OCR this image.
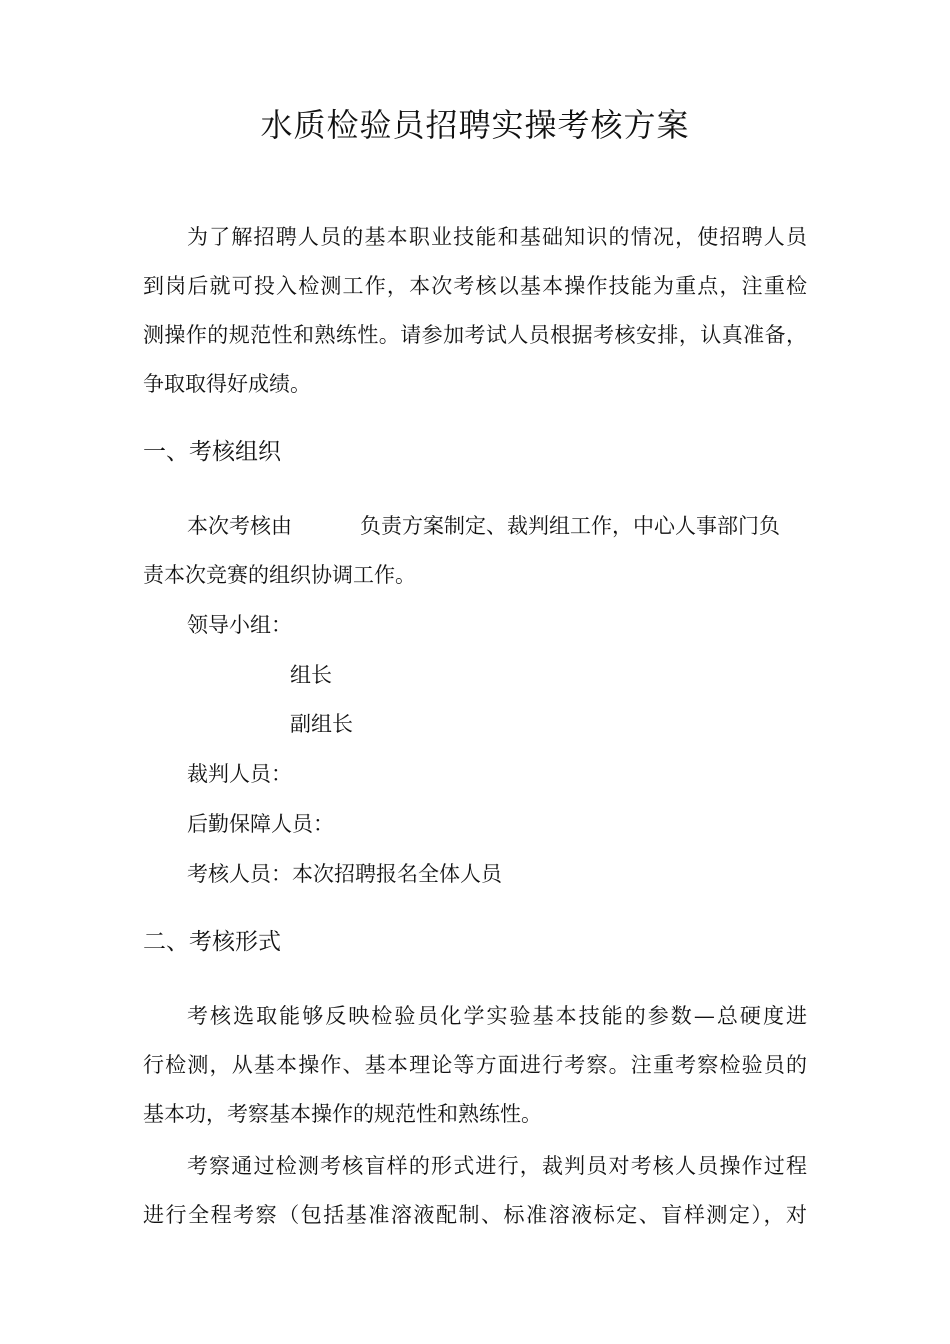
水质检验员招聘实操考核方案
为了解招聘人员的基本职业技能和基础知识的情况，使招聘人员
到岗后就可投入检测工作，本次考核以基本操作技能为重点，注重检
测操作的规范性和熟练性。请参加考试人员根据考核安排，认真准备，
争取取得好成绩。
一、考核组织
本次考核由	负责方案制定、裁判组工作，中心人事部门负
责本次竞赛的组织协调工作。
领导小组：
组长
副组长
裁判人员：
后勤保障人员：
考核人员：本次招聘报名全体人员
二、考核形式
考核选取能够反映检验员化学实验基本技能的参数—总硬度进
行检测，从基本操作、基本理论等方面进行考察。注重考察检验员的
基本功，考察基本操作的规范性和熟练性。
考察通过检测考核盲样的形式进行，裁判员对考核人员操作过程
进行全程考察（包括基准溶液配制、标准溶液标定、盲样测定），对
